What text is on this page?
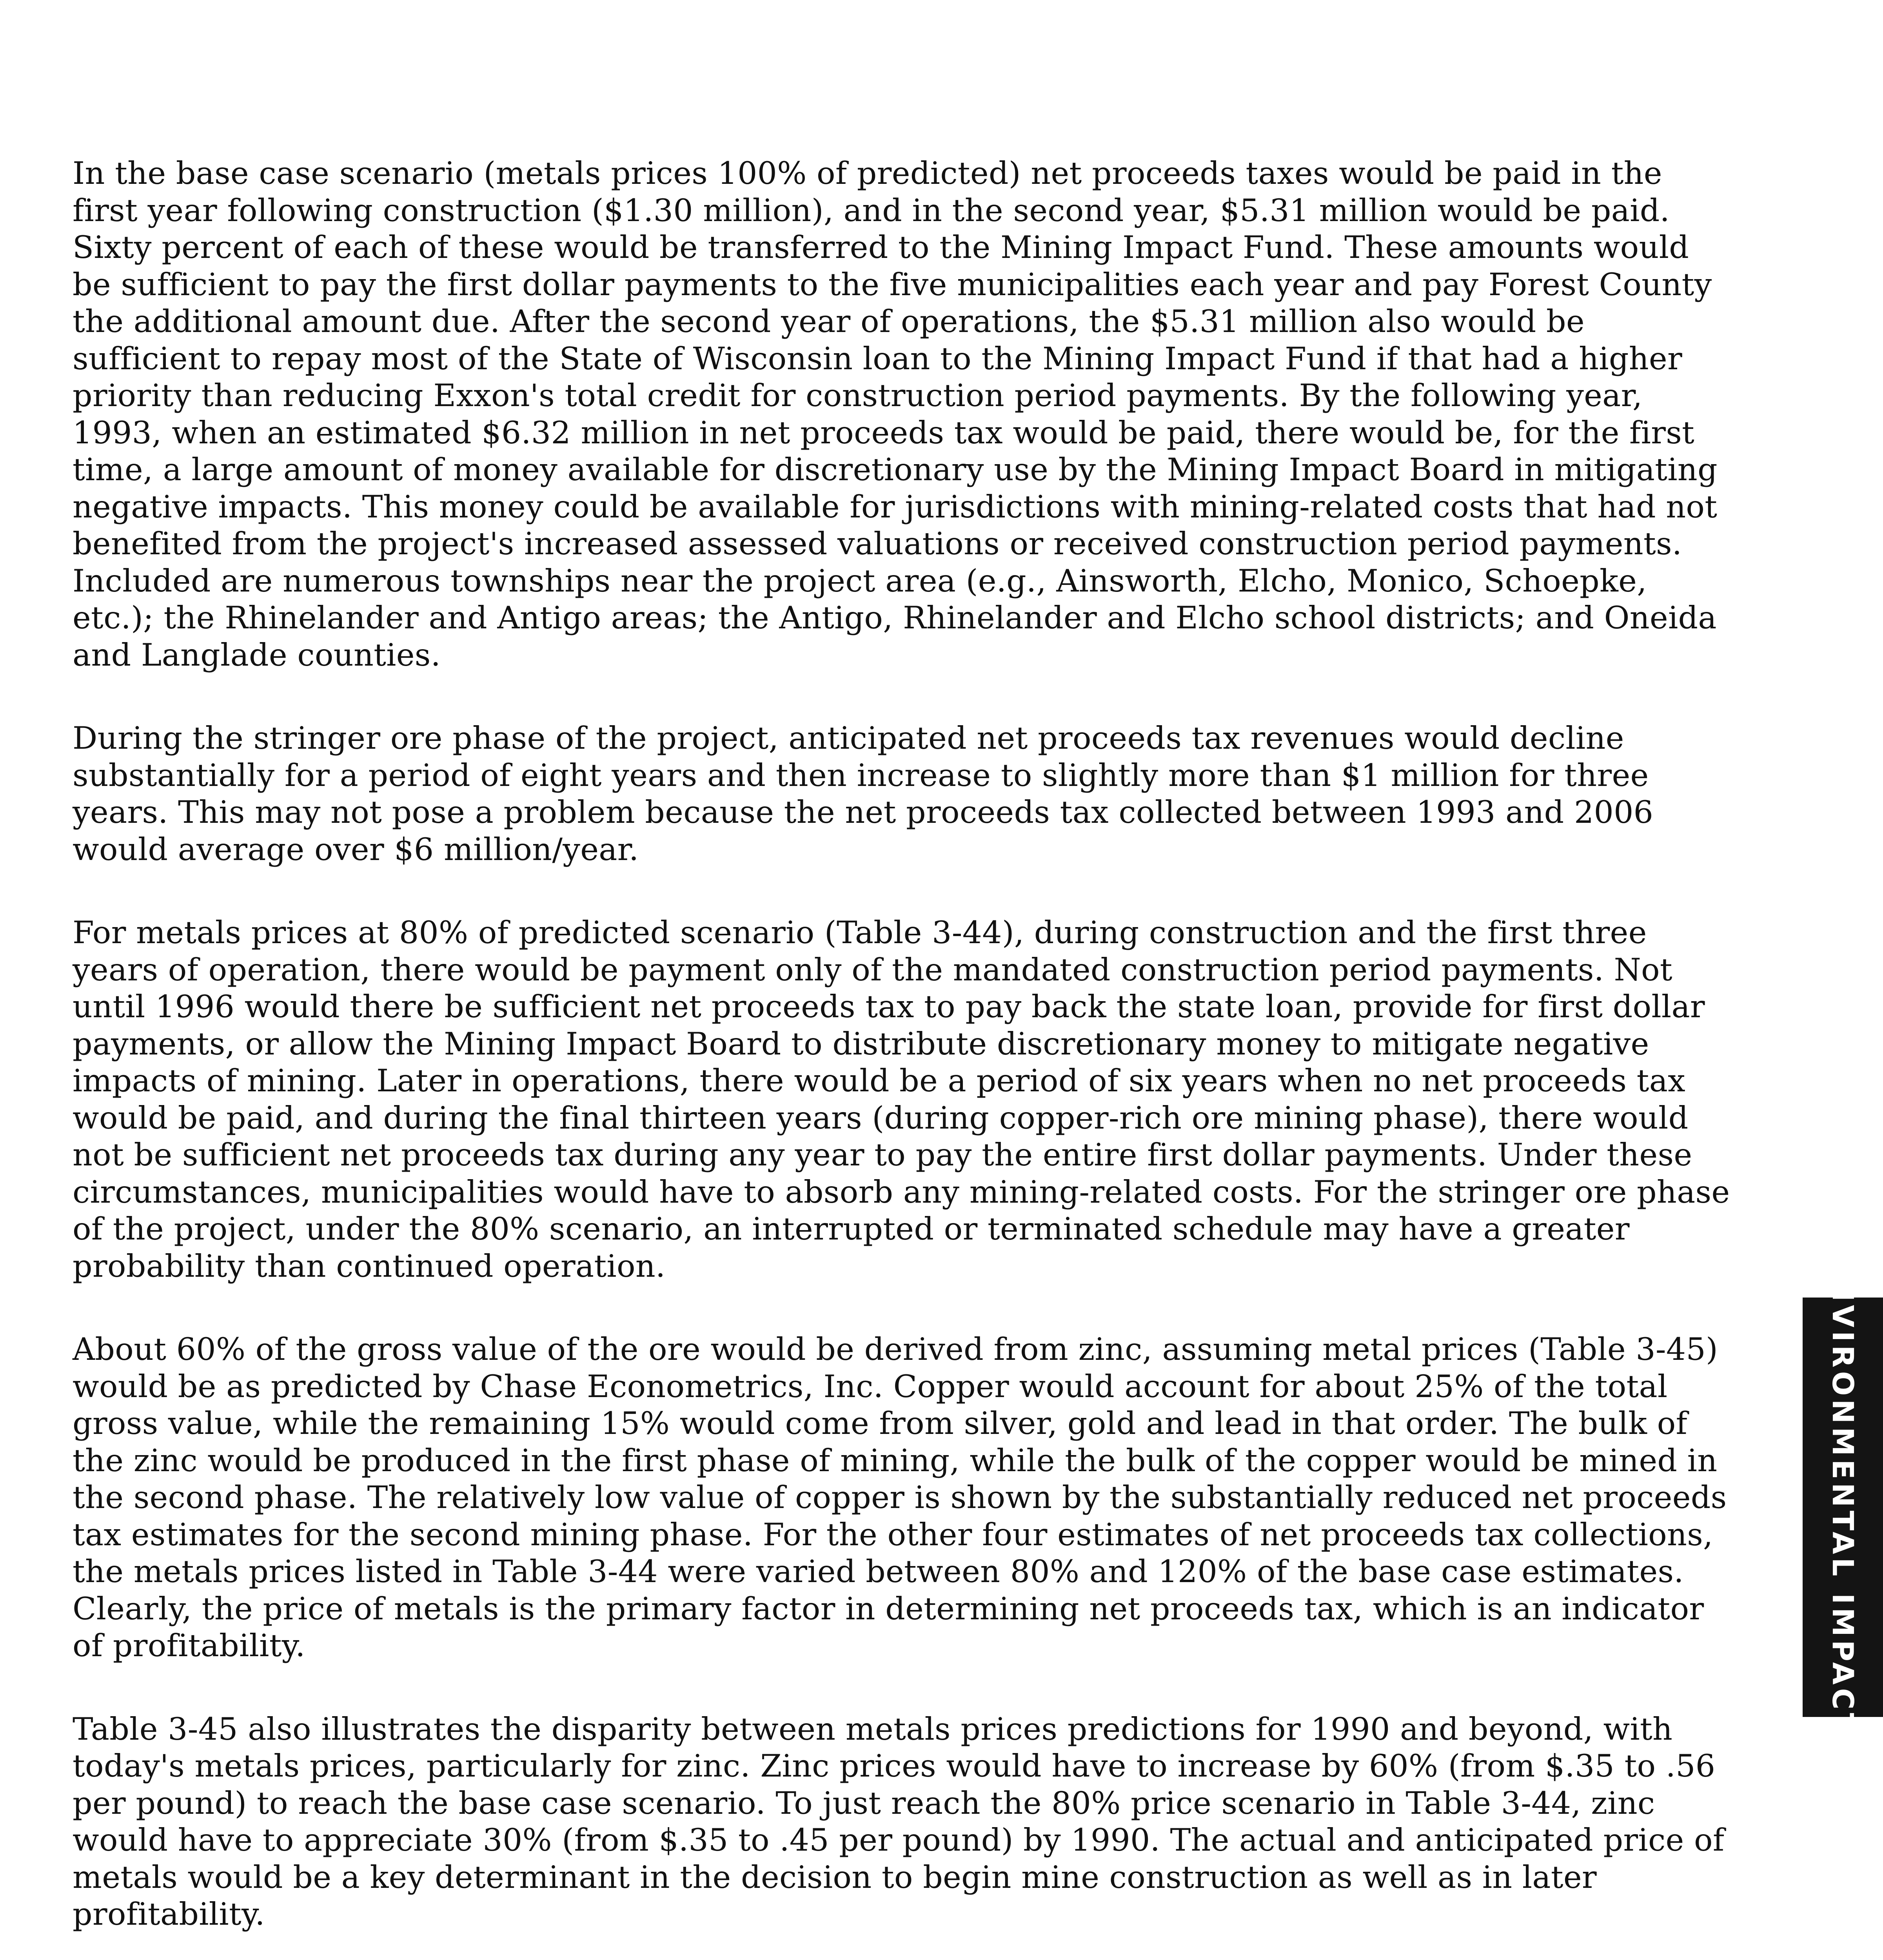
In the base case scenario (metals prices 100% of predicted) net proceeds taxes would be paid in the first year following construction ($1.30 million), and in the second year, $5.31 million would be paid. Sixty percent of each of these would be transferred to the Mining Impact Fund. These amounts would be sufficient to pay the first dollar payments to the five municipalities each year and pay Forest County the additional amount due. After the second year of operations, the $5.31 million also would be sufficient to repay most of the State of Wisconsin loan to the Mining Impact Fund if that had a higher priority than reducing Exxon's total credit for construction period payments. By the following year, 1993, when an estimated $6.32 million in net proceeds tax would be paid, there would be, for the first time, a large amount of money available for discretionary use by the Mining Impact Board in mitigating negative impacts. This money could be available for jurisdictions with mining-related costs that had not benefited from the project's increased assessed valuations or received construction period payments. Included are numerous townships near the project area (e.g., Ainsworth, Elcho, Monico, Schoepke, etc.); the Rhinelander and Antigo areas; the Antigo, Rhinelander and Elcho school districts; and Oneida and Langlade counties.

During the stringer ore phase of the project, anticipated net proceeds tax revenues would decline substantially for a period of eight years and then increase to slightly more than $1 million for three years. This may not pose a problem because the net proceeds tax collected between 1993 and 2006 would average over $6 million/year.

For metals prices at 80% of predicted scenario (Table 3-44), during construction and the first three years of operation, there would be payment only of the mandated construction period payments. Not until 1996 would there be sufficient net proceeds tax to pay back the state loan, provide for first dollar payments, or allow the Mining Impact Board to distribute discretionary money to mitigate negative impacts of mining. Later in operations, there would be a period of six years when no net proceeds tax would be paid, and during the final thirteen years (during copper-rich ore mining phase), there would not be sufficient net proceeds tax during any year to pay the entire first dollar payments. Under these circumstances, municipalities would have to absorb any mining-related costs. For the stringer ore phase of the project, under the 80% scenario, an interrupted or terminated schedule may have a greater probability than continued operation.

About 60% of the gross value of the ore would be derived from zinc, assuming metal prices (Table 3-45) would be as predicted by Chase Econometrics, Inc. Copper would account for about 25% of the total gross value, while the remaining 15% would come from silver, gold and lead in that order. The bulk of the zinc would be produced in the first phase of mining, while the bulk of the copper would be mined in the second phase. The relatively low value of copper is shown by the substantially reduced net proceeds tax estimates for the second mining phase. For the other four estimates of net proceeds tax collections, the metals prices listed in Table 3-44 were varied between 80% and 120% of the base case estimates. Clearly, the price of metals is the primary factor in determining net proceeds tax, which is an indicator of profitability.

Table 3-45 also illustrates the disparity between metals prices predictions for 1990 and beyond, with today's metals prices, particularly for zinc. Zinc prices would have to increase by 60% (from $.35 to .56 per pound) to reach the base case scenario. To just reach the 80% price scenario in Table 3-44, zinc would have to appreciate 30% (from $.35 to .45 per pound) by 1990. The actual and anticipated price of metals would be a key determinant in the decision to begin mine construction as well as in later profitability.

ENVIRONMENTAL IMPACTS
